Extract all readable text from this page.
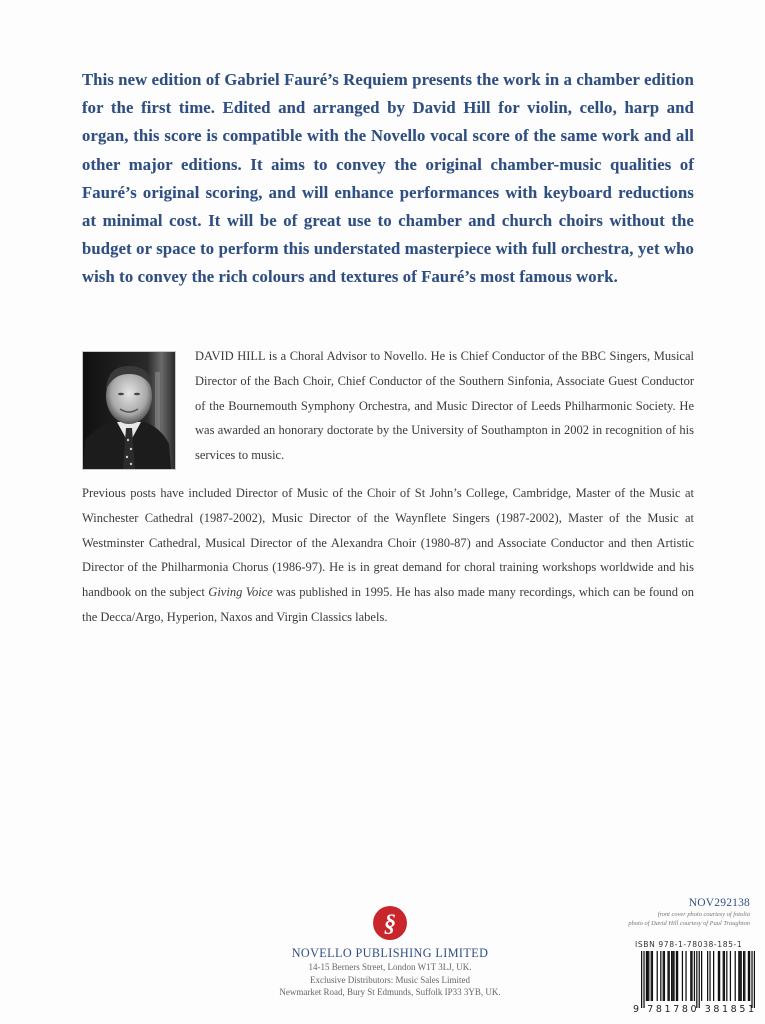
This new edition of Gabriel Fauré’s Requiem presents the work in a chamber edition for the first time. Edited and arranged by David Hill for violin, cello, harp and organ, this score is compatible with the Novello vocal score of the same work and all other major editions. It aims to convey the original chamber-music qualities of Fauré’s original scoring, and will enhance performances with keyboard reductions at minimal cost. It will be of great use to chamber and church choirs without the budget or space to perform this understated masterpiece with full orchestra, yet who wish to convey the rich colours and textures of Fauré’s most famous work.

DAVID HILL is a Choral Advisor to Novello. He is Chief Conductor of the BBC Singers, Musical Director of the Bach Choir, Chief Conductor of the Southern Sinfonia, Associate Guest Conductor of the Bournemouth Symphony Orchestra, and Music Director of Leeds Philharmonic Society. He was awarded an honorary doctorate by the University of Southampton in 2002 in recognition of his services to music.

Previous posts have included Director of Music of the Choir of St John’s College, Cambridge, Master of the Music at Winchester Cathedral (1987-2002), Music Director of the Waynflete Singers (1987-2002), Master of the Music at Westminster Cathedral, Musical Director of the Alexandra Choir (1980-87) and Associate Conductor and then Artistic Director of the Philharmonia Chorus (1986-97). He is in great demand for choral training workshops worldwide and his handbook on the subject Giving Voice was published in 1995. He has also made many recordings, which can be found on the Decca/Argo, Hyperion, Naxos and Virgin Classics labels.

§
NOVELLO PUBLISHING LIMITED
14-15 Berners Street, London W1T 3LJ, UK.
Exclusive Distributors: Music Sales Limited
Newmarket Road, Bury St Edmunds, Suffolk IP33 3YB, UK.
NOV292138
front cover photo courtesy of fotolia
photo of David Hill courtesy of Paul Traughton
ISBN 978-1-78038-185-1
9 781780 381851
